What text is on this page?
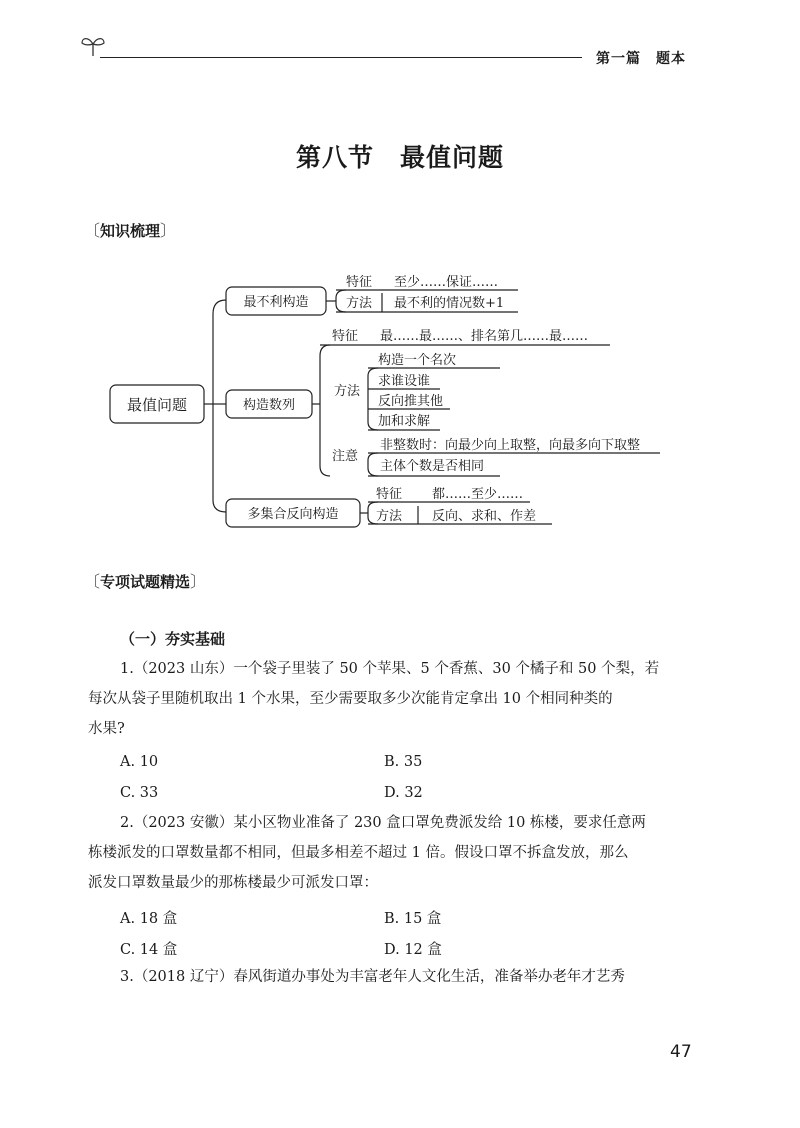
第一篇　题本
第八节　最值问题
〔知识梳理〕
最值问题
最不利构造
特征 至少……保证……
方法 最不利的情况数+1
构造数列
特征 最……最……、排名第几……最……
方法
构造一个名次
求谁设谁
反向推其他
加和求解
注意
非整数时：向最少向上取整，向最多向下取整
主体个数是否相同
多集合反向构造
特征 都……至少……
方法 反向、求和、作差
〔专项试题精选〕
（一）夯实基础
1.（2023 山东）一个袋子里装了 50 个苹果、5 个香蕉、30 个橘子和 50 个梨，若
每次从袋子里随机取出 1 个水果，至少需要取多少次能肯定拿出 10 个相同种类的
水果?
A. 10	B. 35
C. 33	D. 32
2.（2023 安徽）某小区物业准备了 230 盒口罩免费派发给 10 栋楼，要求任意两
栋楼派发的口罩数量都不相同，但最多相差不超过 1 倍。假设口罩不拆盒发放，那么
派发口罩数量最少的那栋楼最少可派发口罩：
A. 18 盒	B. 15 盒
C. 14 盒	D. 12 盒
3.（2018 辽宁）春风街道办事处为丰富老年人文化生活，准备举办老年才艺秀
47
